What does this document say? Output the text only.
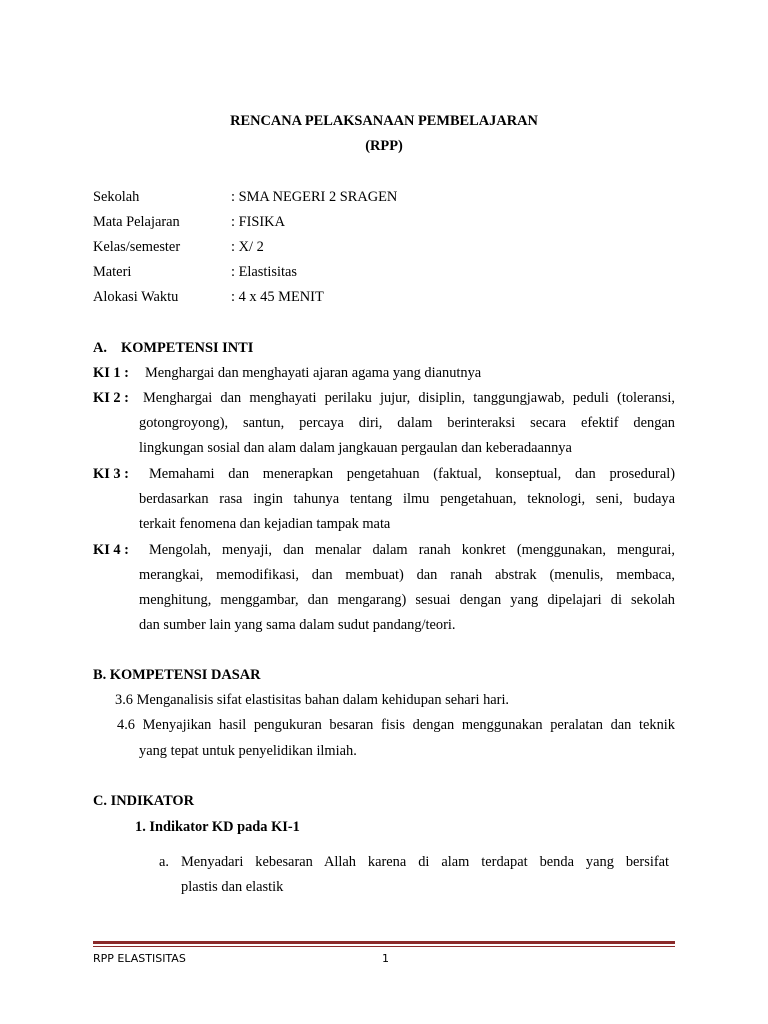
RENCANA PELAKSANAAN PEMBELAJARAN
(RPP)
Sekolah	: SMA NEGERI 2 SRAGEN
Mata Pelajaran	: FISIKA
Kelas/semester	: X/ 2
Materi	: Elastisitas
Alokasi Waktu	: 4 x 45 MENIT
A. KOMPETENSI INTI
KI 1 : Menghargai dan menghayati ajaran agama yang dianutnya
KI 2 : Menghargai dan menghayati perilaku jujur, disiplin, tanggungjawab, peduli (toleransi,
gotongroyong), santun, percaya diri, dalam berinteraksi secara efektif dengan
lingkungan sosial dan alam dalam jangkauan pergaulan dan keberadaannya
KI 3 : Memahami dan menerapkan pengetahuan (faktual, konseptual, dan prosedural)
berdasarkan rasa ingin tahunya tentang ilmu pengetahuan, teknologi, seni, budaya
terkait fenomena dan kejadian tampak mata
KI 4 : Mengolah, menyaji, dan menalar dalam ranah konkret (menggunakan, mengurai,
merangkai, memodifikasi, dan membuat) dan ranah abstrak (menulis, membaca,
menghitung, menggambar, dan mengarang) sesuai dengan yang dipelajari di sekolah
dan sumber lain yang sama dalam sudut pandang/teori.
B. KOMPETENSI DASAR
3.6 Menganalisis sifat elastisitas bahan dalam kehidupan sehari hari.
4.6 Menyajikan hasil pengukuran besaran fisis dengan menggunakan peralatan dan teknik
yang tepat untuk penyelidikan ilmiah.
C. INDIKATOR
1. Indikator KD pada KI-1
a. Menyadari kebesaran Allah karena di alam terdapat benda yang bersifat
plastis dan elastik
RPP ELASTISITAS	1
